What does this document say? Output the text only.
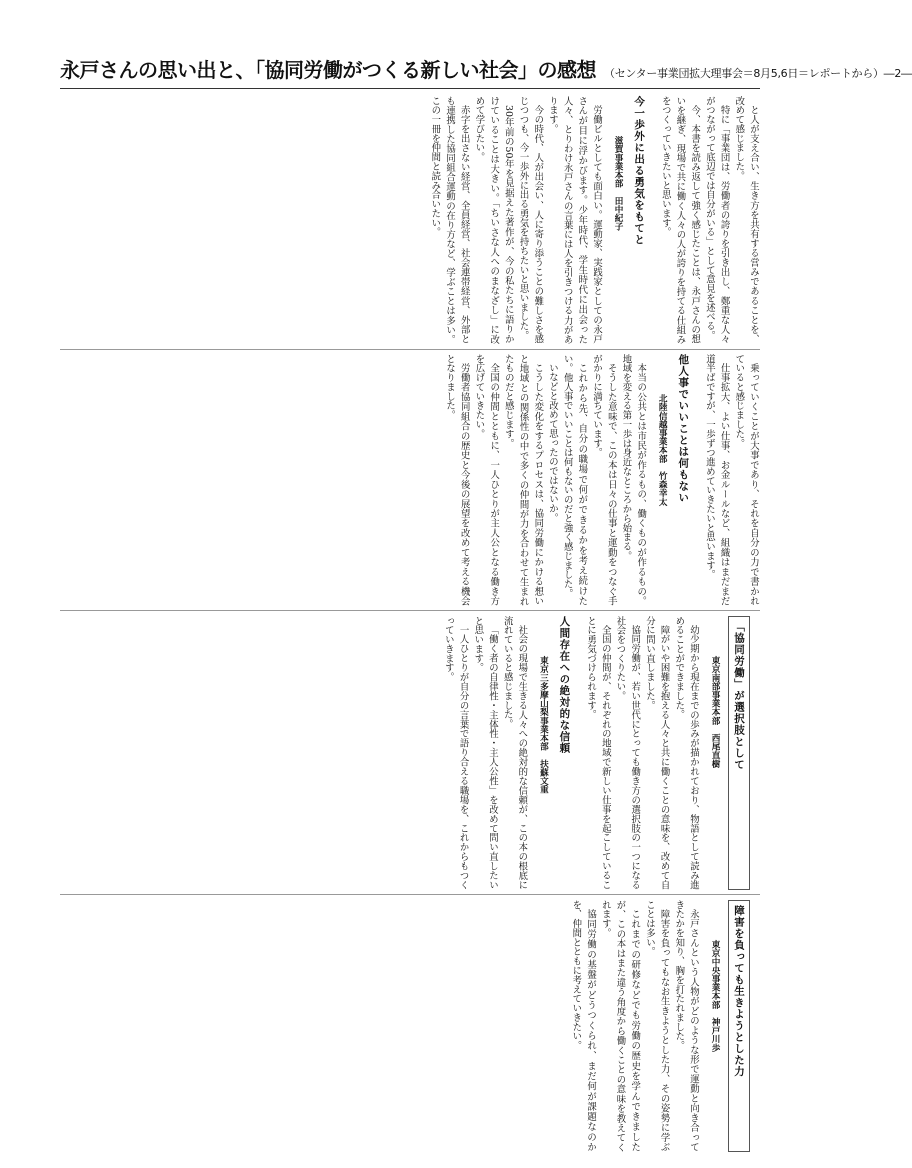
永戸さんの思い出と、「協同労働がつくる新しい社会」の感想 （センター事業団拡大理事会＝8月5,6日＝レポートから）―2―

と人が支え合い、生き方を共有する営みであることを、改めて感じました。

特に「事業団は、労働者の誇りを引き出し、鄭重な人々がつながって底辺では自分がいる」として意見を述べる。

今、本書を読み返して強く感じたことは、永戸さんの想いを継ぎ、現場で共に働く人々の人が誇りを持てる仕組みをつくっていきたいと思います。

今一歩外に出る勇気をもてと
滋賀事業本部　田中紀子

労働ビルとしても面白い。運動家、実践家としての永戸さんが目に浮かびます。少年時代、学生時代に出会った人々、とりわけ永戸さんの言葉には人を引きつける力があります。

今の時代、人が出会い、人に寄り添うことの難しさを感じつつも、今一歩外に出る勇気を持ちたいと思いました。

30年前の50年を見据えた著作が、今の私たちに語りかけていることは大きい。「ちいさな人へのまなざし」に改めて学びたい。

赤字を出さない経営、全員経営、社会連帯経営、外部とも連携した協同組合運動の在り方など、学ぶことは多い。この一冊を仲間と読み合いたい。

乗っていくことが大事であり、それを自分の力で書かれていると感じました。

仕事拡大、よい仕事、お金ルールなど、組織はまだまだ道半ばですが、一歩ずつ進めていきたいと思います。

他人事でいいことは何もない
北陸信越事業本部　竹森幸太

本当の公共とは市民が作るもの、働くものが作るもの。地域を変える第一歩は身近なところから始まる。

そうした意味で、この本は日々の仕事と運動をつなぐ手がかりに満ちています。

これから先、自分の職場で何ができるかを考え続けたい。他人事でいいことは何もないのだと強く感じました。

いなどと改めて思ったのではないか。

こうした変化をするプロセスは、協同労働にかける想いと地域との関係性の中で多くの仲間が力を合わせて生まれたものだと感じます。

全国の仲間とともに、一人ひとりが主人公となる働き方を広げていきたい。

労働者協同組合の歴史と今後の展望を改めて考える機会となりました。

「協同労働」が選択肢として
東京南部事業本部　西尾直樹

幼少期から現在までの歩みが描かれており、物語として読み進めることができました。

障がいや困難を抱える人々と共に働くことの意味を、改めて自分に問い直しました。

協同労働が、若い世代にとっても働き方の選択肢の一つになる社会をつくりたい。

全国の仲間が、それぞれの地域で新しい仕事を起こしていることに勇気づけられます。

人間存在への絶対的な信頼
東京三多摩山梨事業本部　扶蘇文重

社会の現場で生きる人々への絶対的な信頼が、この本の根底に流れていると感じました。

「働く者の自律性・主体性・主人公性」を改めて問い直したいと思います。

一人ひとりが自分の言葉で語り合える職場を、これからもつくっていきます。

障害を負っても生きようとした力
東京中央事業本部　神戸川歩

永戸さんという人物がどのような形で運動と向き合ってきたかを知り、胸を打たれました。

障害を負ってもなお生きようとした力、その姿勢に学ぶことは多い。

これまでの研修などでも労働の歴史を学んできましたが、この本はまた違う角度から働くことの意味を教えてくれます。

協同労働の基盤がどうつくられ、まだ何が課題なのかを、仲間とともに考えていきたい。
